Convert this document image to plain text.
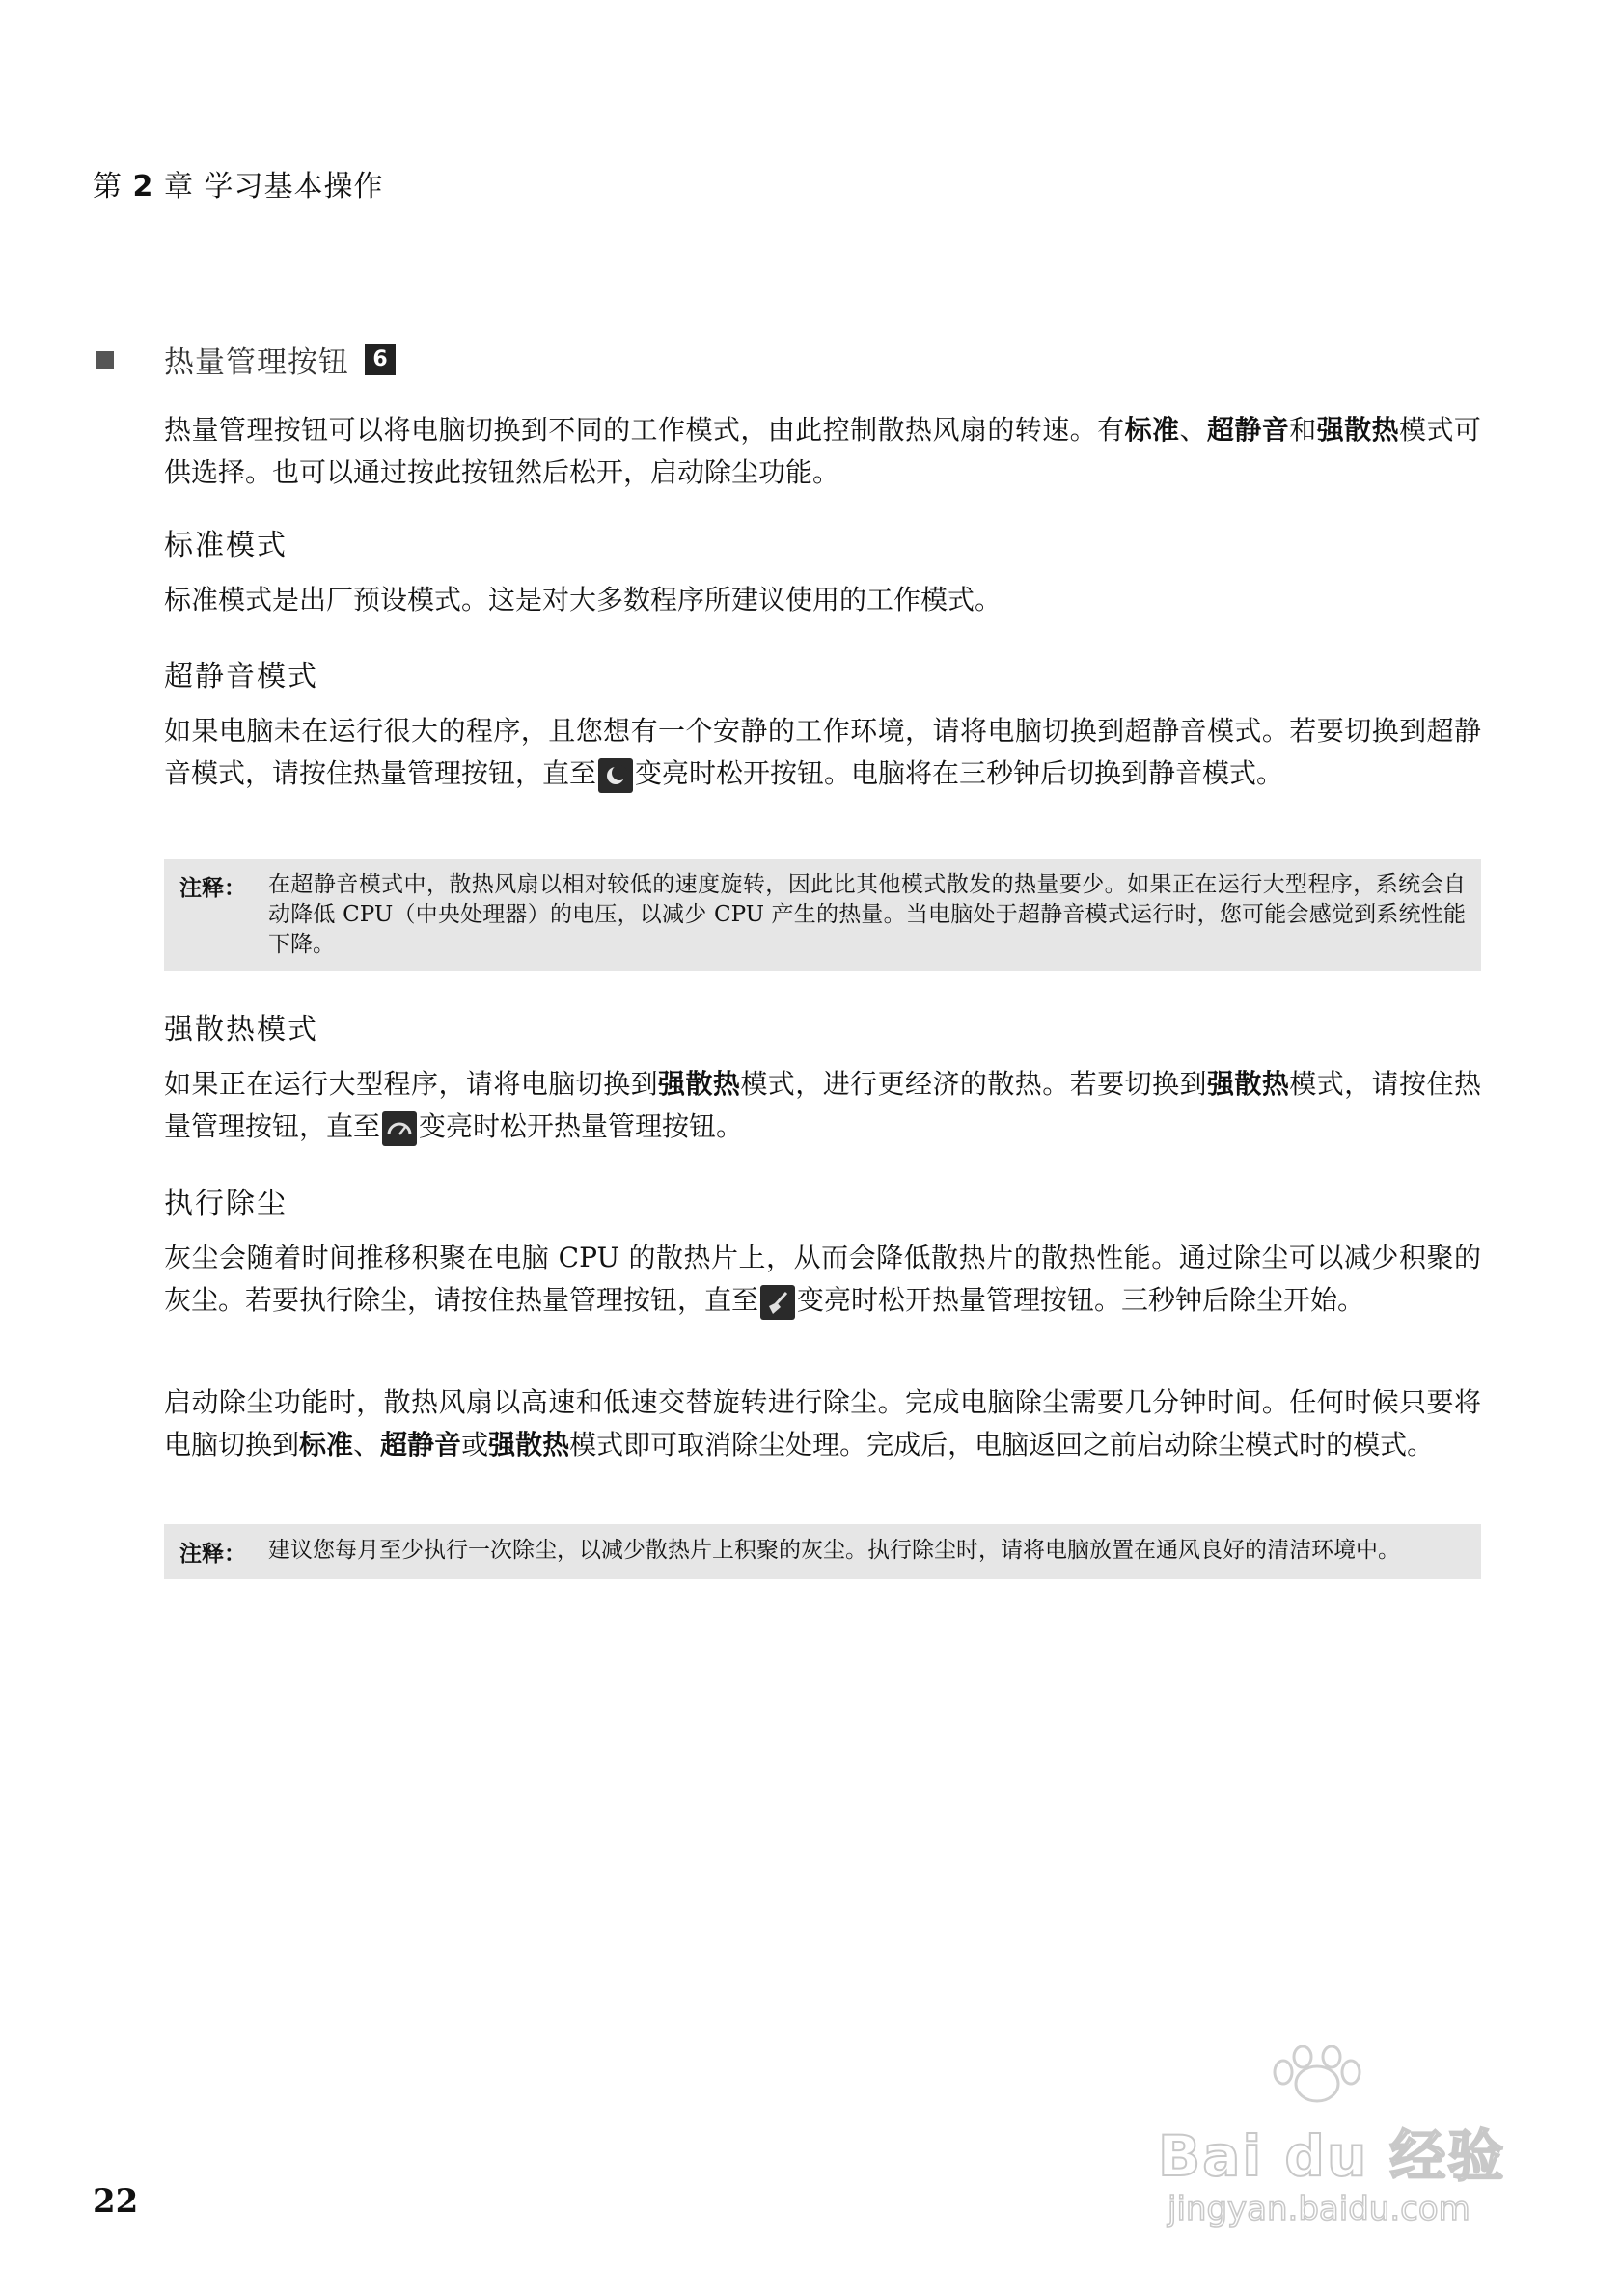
第 2 章 学习基本操作
热量管理按钮	6

热量管理按钮可以将电脑切换到不同的工作模式，由此控制散热风扇的转速。有标准、超静音和强散热模式可供选择。也可以通过按此按钮然后松开，启动除尘功能。

标准模式

标准模式是出厂预设模式。这是对大多数程序所建议使用的工作模式。

超静音模式

如果电脑未在运行很大的程序，且您想有一个安静的工作环境，请将电脑切换到超静音模式。若要切换到超静音模式，请按住热量管理按钮，直至 变亮时松开按钮。电脑将在三秒钟后切换到静音模式。

注释：	在超静音模式中，散热风扇以相对较低的速度旋转，因此比其他模式散发的热量要少。如果正在运行大型程序，系统会自动降低 CPU（中央处理器）的电压，以减少 CPU 产生的热量。当电脑处于超静音模式运行时，您可能会感觉到系统性能下降。
强散热模式

如果正在运行大型程序，请将电脑切换到强散热模式，进行更经济的散热。若要切换到强散热模式，请按住热量管理按钮，直至 变亮时松开热量管理按钮。

执行除尘

灰尘会随着时间推移积聚在电脑 CPU 的散热片上，从而会降低散热片的散热性能。通过除尘可以减少积聚的灰尘。若要执行除尘，请按住热量管理按钮，直至 变亮时松开热量管理按钮。三秒钟后除尘开始。

启动除尘功能时，散热风扇以高速和低速交替旋转进行除尘。完成电脑除尘需要几分钟时间。任何时候只要将电脑切换到标准、超静音或强散热模式即可取消除尘处理。完成后，电脑返回之前启动除尘模式时的模式。

注释：	建议您每月至少执行一次除尘，以减少散热片上积聚的灰尘。执行除尘时，请将电脑放置在通风良好的清洁环境中。
22
Bai du 经验
jingyan.baidu.com
